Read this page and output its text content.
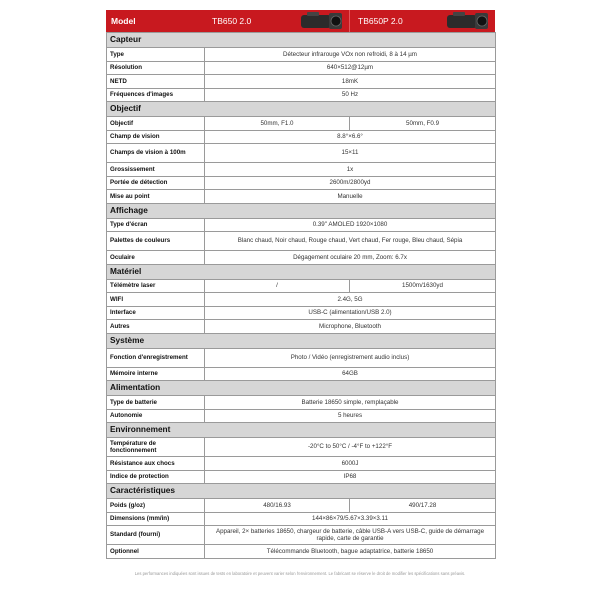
Model	TB650 2.0	TB650P 2.0
Capteur		
Type	Détecteur infrarouge VOx non refroidi, 8 à 14 µm	
Résolution	640×512@12µm	
NETD	18mK	
Fréquences d'images	50 Hz	
Objectif		
Objectif	50mm, F1.0	50mm, F0.9
Champ de vision	8.8°×6.6°	
Champs de vision à 100m	15×11	
Grossissement	1x	
Portée de détection	2600m/2800yd	
Mise au point	Manuelle	
Affichage		
Type d'écran	0.39" AMOLED 1920×1080	
Palettes de couleurs	Blanc chaud, Noir chaud, Rouge chaud, Vert chaud, Fer rouge, Bleu chaud, Sépia	
Oculaire	Dégagement oculaire 20 mm, Zoom: 6.7x	
Matériel		
Télémètre laser	/	1500m/1630yd
WIFI	2.4G, 5G	
Interface	USB-C (alimentation/USB 2.0)	
Autres	Microphone, Bluetooth	
Système		
Fonction d'enregistrement	Photo / Vidéo (enregistrement audio inclus)	
Mémoire interne	64GB	
Alimentation		
Type de batterie	Batterie 18650 simple, remplaçable	
Autonomie	5 heures	
Environnement		
Température de fonctionnement	-20°C to 50°C / -4°F to +122°F	
Résistance aux chocs	6000J	
Indice de protection	IP68	
Caractéristiques		
Poids (g/oz)	480/16.93	490/17.28
Dimensions (mm/in)	144×86×79/5.67×3.39×3.11	
Standard (fourni)	Appareil, 2× batteries 18650, chargeur de batterie, câble USB-A vers USB-C, guide de démarrage rapide, carte de garantie	
Optionnel	Télécommande Bluetooth, bague adaptatrice, batterie 18650	
Les performances indiquées sont issues de tests en laboratoire et peuvent varier selon l'environnement. Le fabricant se réserve le droit de modifier les spécifications sans préavis.
